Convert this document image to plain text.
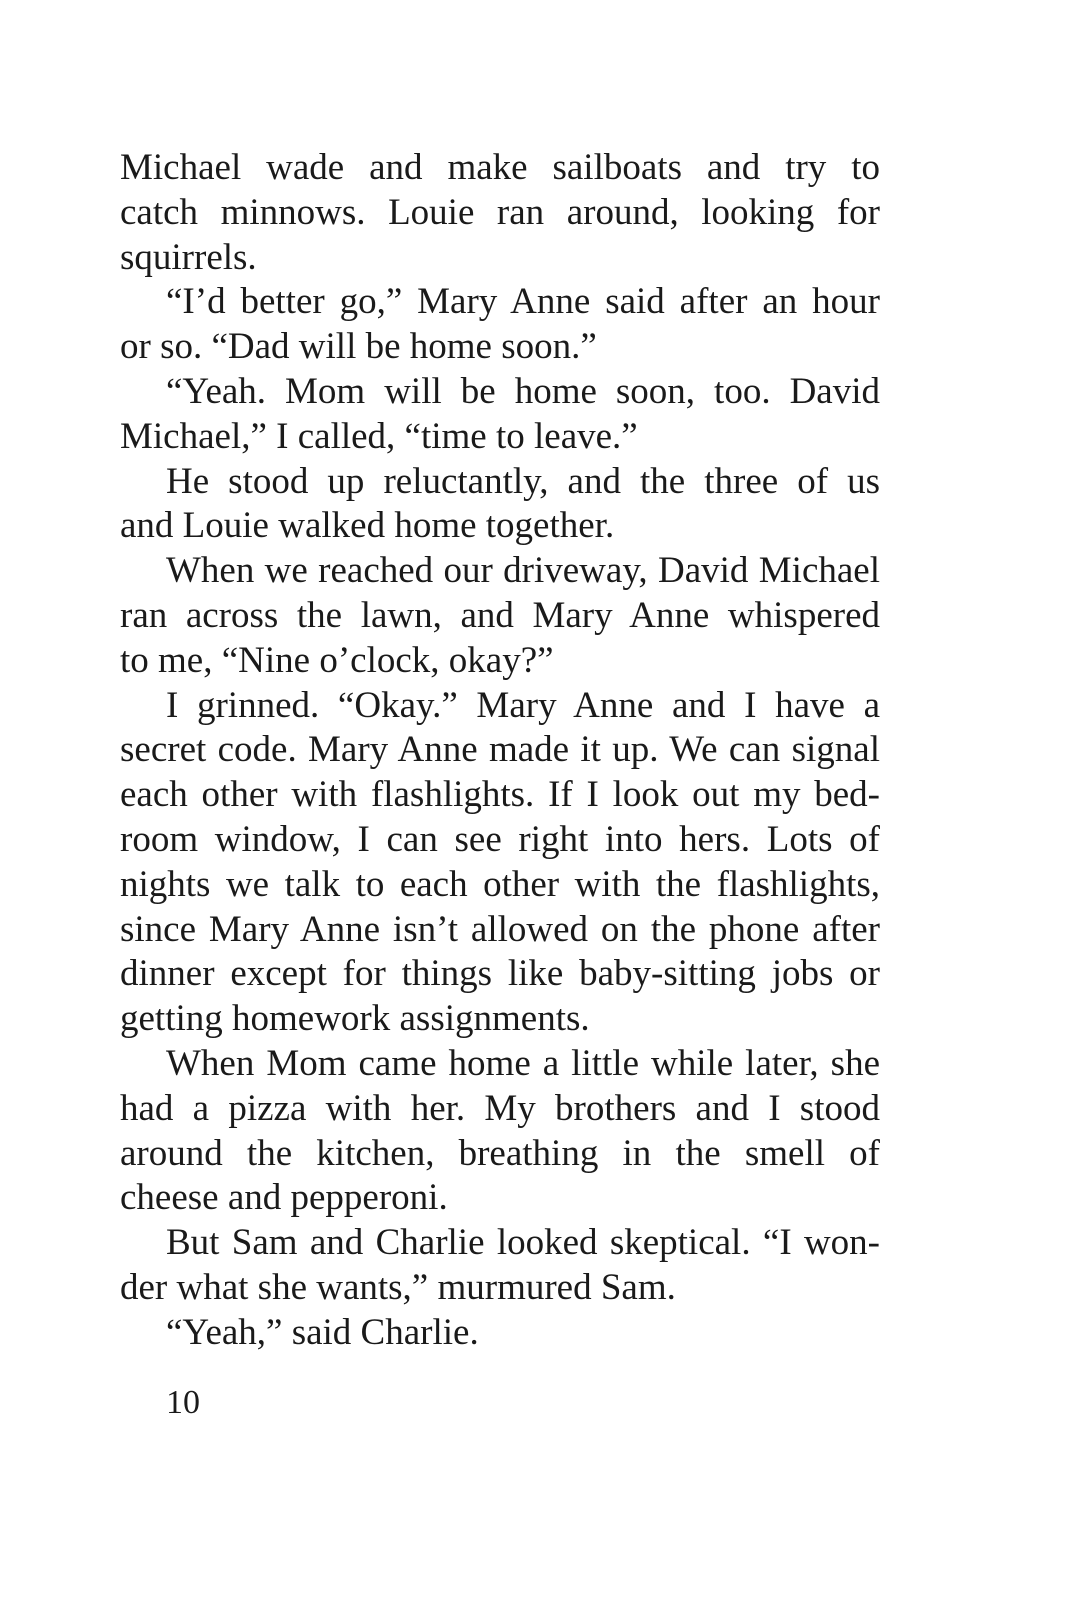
Michael wade and make sailboats and try to
catch minnows. Louie ran around, looking for
squirrels.
“I’d better go,” Mary Anne said after an hour
or so. “Dad will be home soon.”
“Yeah. Mom will be home soon, too. David
Michael,” I called, “time to leave.”
He stood up reluctantly, and the three of us
and Louie walked home together.
When we reached our driveway, David Michael
ran across the lawn, and Mary Anne whispered
to me, “Nine o’clock, okay?”
I grinned. “Okay.” Mary Anne and I have a
secret code. Mary Anne made it up. We can signal
each other with flashlights. If I look out my bed-
room window, I can see right into hers. Lots of
nights we talk to each other with the flashlights,
since Mary Anne isn’t allowed on the phone after
dinner except for things like baby-sitting jobs or
getting homework assignments.
When Mom came home a little while later, she
had a pizza with her. My brothers and I stood
around the kitchen, breathing in the smell of
cheese and pepperoni.
But Sam and Charlie looked skeptical. “I won-
der what she wants,” murmured Sam.
“Yeah,” said Charlie.
10
